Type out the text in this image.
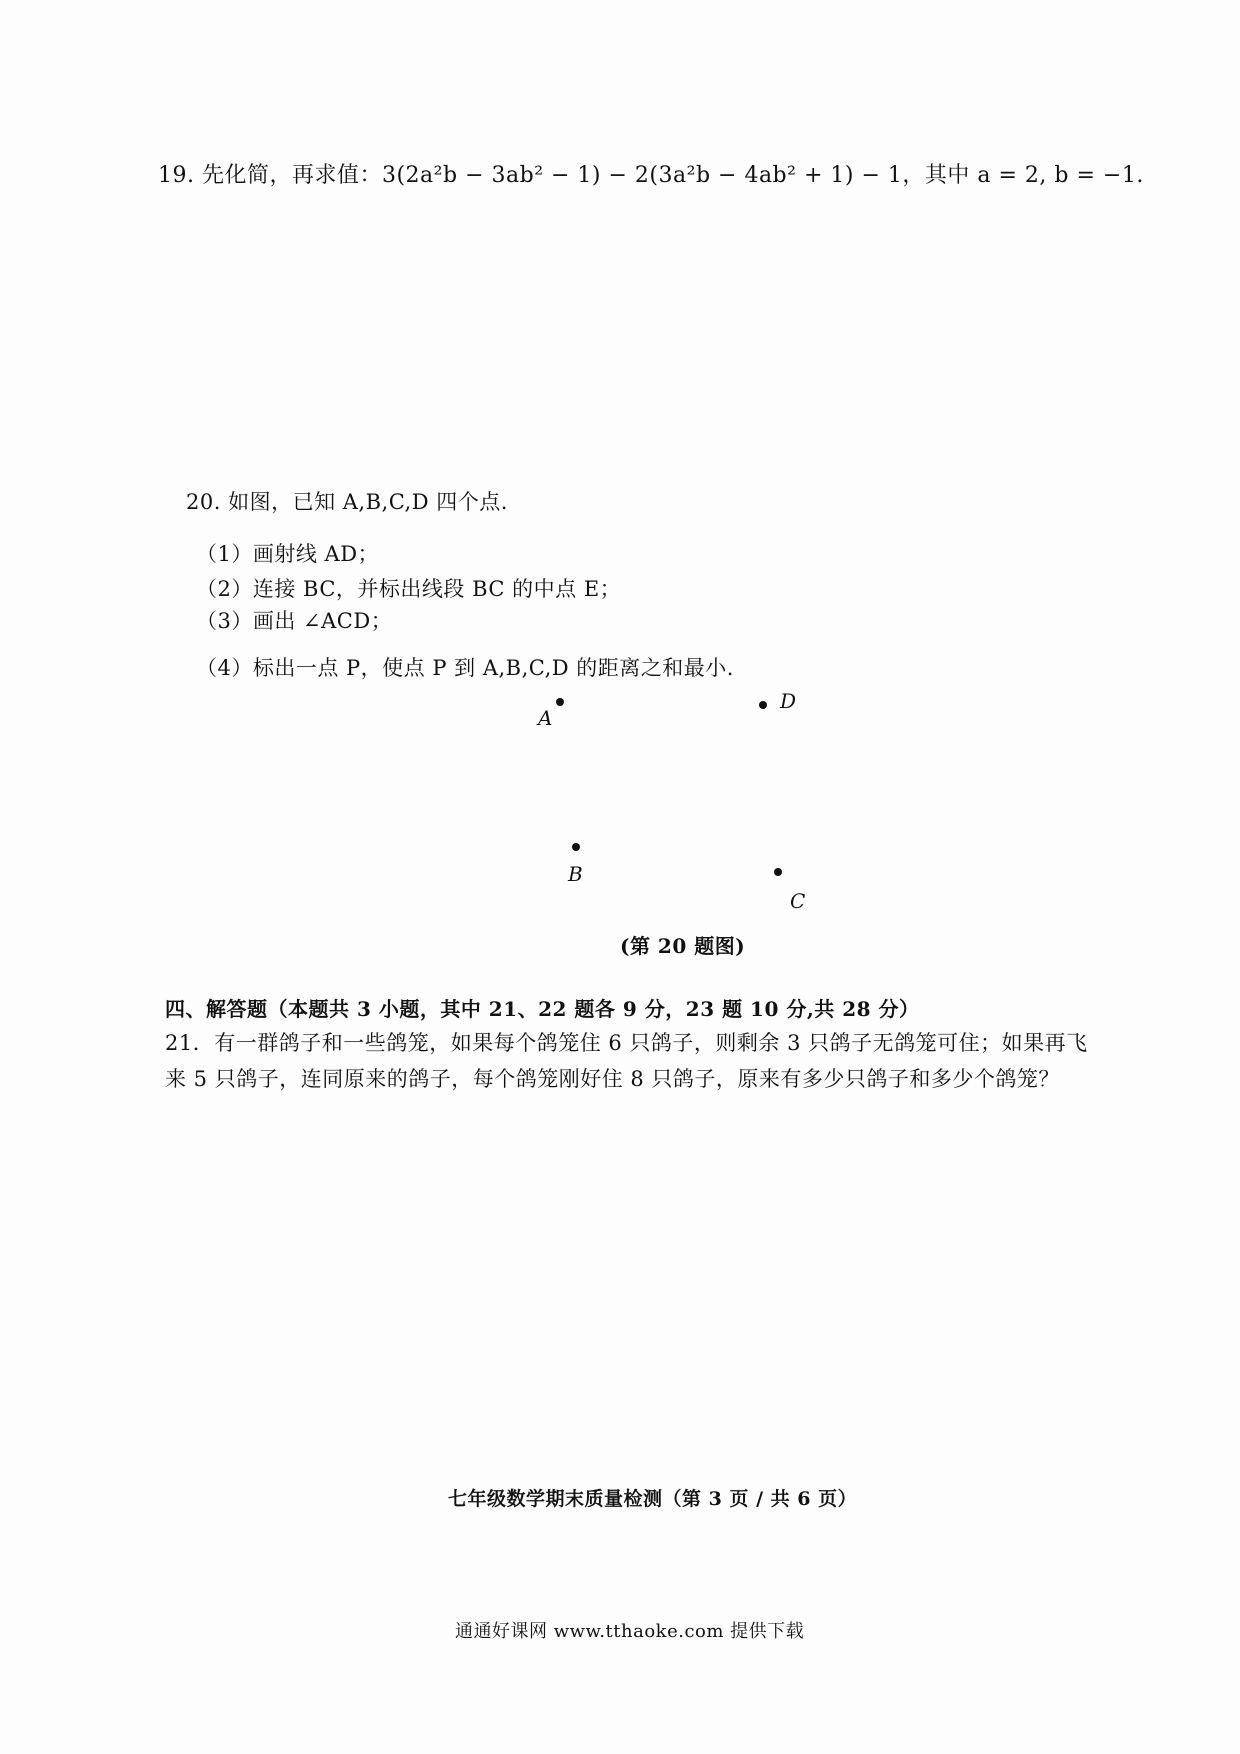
19. 先化简，再求值：3(2a²b − 3ab² − 1) − 2(3a²b − 4ab² + 1) − 1，其中 a = 2, b = −1.
20. 如图，已知 A,B,C,D 四个点.
（1）画射线 AD；
（2）连接 BC，并标出线段 BC 的中点 E；
（3）画出 ∠ACD；
（4）标出一点 P，使点 P 到 A,B,C,D 的距离之和最小.
A
D
B
C
(第 20 题图)
四、解答题（本题共 3 小题，其中 21、22 题各 9 分，23 题 10 分,共 28 分）
21．有一群鸽子和一些鸽笼，如果每个鸽笼住 6 只鸽子，则剩余 3 只鸽子无鸽笼可住；如果再飞
来 5 只鸽子，连同原来的鸽子，每个鸽笼刚好住 8 只鸽子，原来有多少只鸽子和多少个鸽笼？
七年级数学期末质量检测（第 3 页 / 共 6 页）
通通好课网 www.tthaoke.com 提供下载
